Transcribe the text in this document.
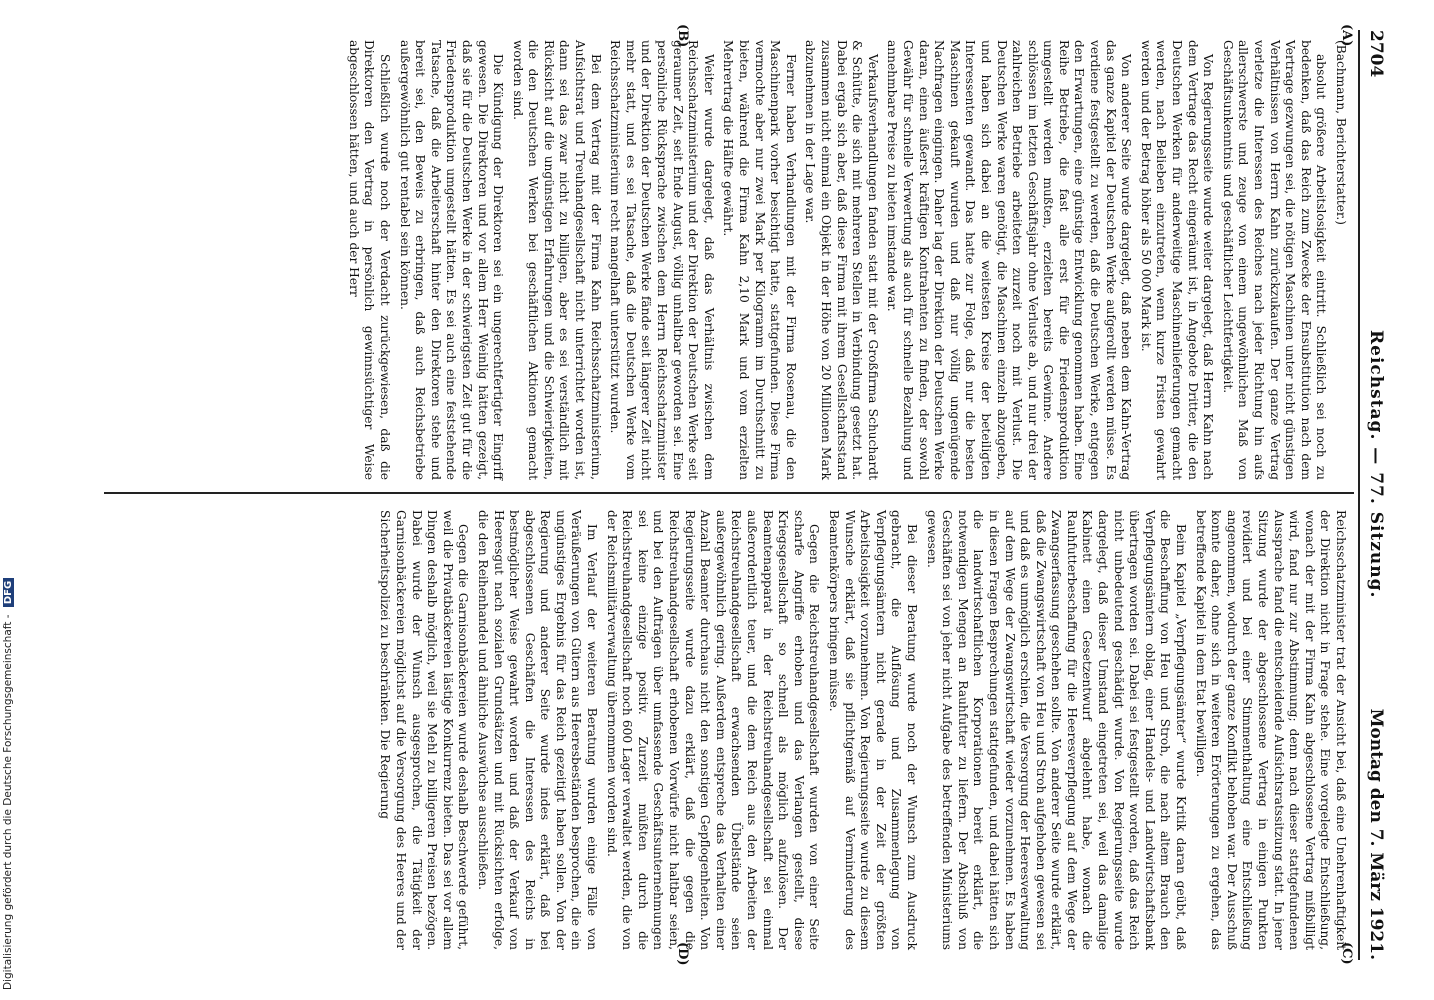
2704
Reichstag. — 77. Sitzung.
Montag den 7. März 1921.
(A)
(B)
(C)
(D)

(Bachmann, Berichterstatter.)

absolut größere Arbeitslosigkeit eintritt. Schließlich sei noch zu bedenken, daß das Reich zum Zwecke der Ensubstitution nach dem Vertrage gezwungen sei, die nötigen Maschinen unter nicht günstigen Verhältnissen von Herrn Kahn zurückzukaufen. Der ganze Vertrag verletze die Interessen des Reiches nach jeder Richtung hin aufs allerschwerste und zeuge von einem ungewöhnlichen Maß von Geschäftsunkenntnis und geschäftlicher Leichtfertigkeit.

Von Regierungsseite wurde weiter dargelegt, daß Herrn Kahn nach dem Vertrage das Recht eingeräumt ist, in Angebote Dritter, die den Deutschen Werken für anderweitige Maschinenlieferungen gemacht werden, nach Belieben einzutreten, wenn kurze Fristen gewahrt werden und der Betrag höher als 50 000 Mark ist.

Von anderer Seite wurde dargelegt, daß neben dem Kahn-Vertrag das ganze Kapitel der Deutschen Werke aufgerollt werden müsse. Es verdiene festgestellt zu werden, daß die Deutschen Werke, entgegen den Erwartungen, eine günstige Entwicklung genommen haben. Eine Reihe Betriebe, die fast alle erst für die Friedensproduktion umgestellt werden mußten, erzielten bereits Gewinne. Andere schlössen im letzten Geschäftsjahr ohne Verluste ab, und nur drei der zahlreichen Betriebe arbeiteten zurzeit noch mit Verlust. Die Deutschen Werke waren genötigt, die Maschinen einzeln abzugeben, und haben sich dabei an die weitesten Kreise der beteiligten Interessenten gewandt. Das hatte zur Folge, daß nur die besten Maschinen gekauft wurden und daß nur völlig ungenügende Nachfragen eingingen. Daher lag der Direktion der Deutschen Werke daran, einen äußerst kräftigen Kontrahenten zu finden, der sowohl Gewähr für schnelle Verwertung als auch für schnelle Bezahlung und annehmbare Preise zu bieten imstande war.

Verkaufsverhandlungen fanden statt mit der Großfirma Schuchardt & Schütte, die sich mit mehreren Stellen in Verbindung gesetzt hat. Dabei ergab sich aber, daß diese Firma mit ihrem Gesellschaftsstand zusammen nicht einmal ein Objekt in der Höhe von 20 Millionen Mark abzunehmen in der Lage war.

Ferner haben Verhandlungen mit der Firma Rosenau, die den Maschinenpark vorher besichtigt hatte, stattgefunden. Diese Firma vermochte aber nur zwei Mark per Kilogramm im Durchschnitt zu bieten, während die Firma Kahn 2,10 Mark und vom erzielten Mehrertrag die Hälfte gewährt.

Weiter wurde dargelegt, daß das Verhältnis zwischen dem Reichsschatzministerium und der Direktion der Deutschen Werke seit geraumer Zeit, seit Ende August, völlig unhaltbar geworden sei. Eine persönliche Rücksprache zwischen dem Herrn Reichsschatzminister und der Direktion der Deutschen Werke fände seit längerer Zeit nicht mehr statt, und es sei Tatsache, daß die Deutschen Werke vom Reichsschatzministerium recht mangelhaft unterstützt wurden.

Bei dem Vertrag mit der Firma Kahn Reichsschatzministerium, Aufsichtsrat und Treuhandgesellschaft nicht unterrichtet worden ist, dann sei das zwar nicht zu billigen, aber es sei verständlich mit Rücksicht auf die ungünstigen Erfahrungen und die Schwierigkeiten, die den Deutschen Werken bei geschäftlichen Aktionen gemacht worden sind.

Die Kündigung der Direktoren sei ein ungerechtfertigter Eingriff gewesen. Die Direktoren und vor allem Herr Weinlig hätten gezeigt, daß sie für die Deutschen Werke in der schwierigsten Zeit gut für die Friedensproduktion umgestellt hätten. Es sei auch eine feststehende Tatsache, daß die Arbeiterschaft hinter den Direktoren stehe und bereit sei, den Beweis zu erbringen, daß auch Reichsbetriebe außergewöhnlich gut rentabel sein können.

Schließlich wurde noch der Verdacht zurückgewiesen, daß die Direktoren den Vertrag in persönlich gewinnsüchtiger Weise abgeschlossen hätten, und auch der Herr

Reichsschatzminister trat der Ansicht bei, daß eine Unehrenhaftigkeit der Direktion nicht in Frage stehe. Eine vorgelegte Entschließung, wonach der mit der Firma Kahn abgeschlossene Vertrag mißbilligt wird, fand nur zur Abstimmung; denn nach dieser stattgefundenen Aussprache fand die entscheidende Aufsichtsratssitzung statt. In jener Sitzung wurde der abgeschlossene Vertrag in einigen Punkten revidiert und bei einer Stimmenthaltung eine Entschließung angenommen, wodurch der ganze Konflikt behoben war. Der Ausschuß konnte daher, ohne sich in weiteren Erörterungen zu ergehen, das betreffende Kapitel in dem Etat bewilligen.

Beim Kapitel „Verpflegungsämter“ wurde Kritik daran geübt, daß die Beschaffung von Heu und Stroh, die nach altem Brauch den Verpflegungsämtern oblag, einer Handels- und Landwirtschaftsbank übertragen worden sei. Dabei sei festgestellt worden, daß das Reich nicht unbedeutend geschädigt wurde. Von Regierungsseite wurde dargelegt, daß dieser Umstand eingetreten sei, weil das damalige Kabinett einen Gesetzentwurf abgelehnt habe, wonach die Rauhfutterbeschaffung für die Heeresverpflegung auf dem Wege der Zwangserfassung geschehen sollte. Von anderer Seite wurde erklärt, daß die Zwangswirtschaft von Heu und Stroh aufgehoben gewesen sei und daß es unmöglich erschien, die Versorgung der Heeresverwaltung auf dem Wege der Zwangswirtschaft wieder vorzunehmen. Es haben in diesen Fragen Besprechungen stattgefunden, und dabei hätten sich die landwirtschaftlichen Korporationen bereit erklärt, die notwendigen Mengen an Rauhfutter zu liefern. Der Abschluß von Geschäften sei von jeher nicht Aufgabe des betreffenden Ministeriums gewesen.

Bei dieser Beratung wurde noch der Wunsch zum Ausdruck gebracht, die Auflösung und Zusammenlegung von Verpflegungsämtern nicht gerade in der Zeit der größten Arbeitslosigkeit vorzunehmen. Von Regierungsseite wurde zu diesem Wunsche erklärt, daß sie pflichtgemäß auf Verminderung des Beamtenkörpers bringen müsse.

Gegen die Reichstreuhandgesellschaft wurden von einer Seite scharfe Angriffe erhoben und das Verlangen gestellt, diese Kriegsgesellschaft so schnell als möglich aufzulösen. Der Beamtenapparat in der Reichstreuhandgesellschaft sei einmal außerordentlich teuer, und die dem Reich aus den Arbeiten der Reichstreuhandgesellschaft erwachsenden Übelstände seien außergewöhnlich gering. Außerdem entspreche das Verhalten einer Anzahl Beamter durchaus nicht den sonstigen Gepflogenheiten. Von Regierungsseite wurde dazu erklärt, daß die gegen die Reichstreuhandgesellschaft erhobenen Vorwürfe nicht haltbar seien, und bei den Aufträgen über umfassende Geschäftsunternehmungen sei keine einzige positiv. Zurzeit müßten durch die Reichstreuhandgesellschaft noch 600 Lager verwaltet werden, die von der Reichsmilitärverwaltung übernommen worden sind.

Im Verlauf der weiteren Beratung wurden einige Fälle von Veräußerungen von Gütern aus Heeresbeständen besprochen, die ein ungünstiges Ergebnis für das Reich gezeitigt haben sollen. Von der Regierung und anderer Seite wurde indes erklärt, daß bei abgeschlossenen Geschäften die Interessen des Reichs in bestmöglicher Weise gewahrt worden und daß der Verkauf von Heeresgut nach sozialen Grundsätzen und mit Rücksichten erfolge, die den Reihenhandel und ähnliche Auswüchse ausschließen.

Gegen die Garnisonbäckereien wurde deshalb Beschwerde geführt, weil die Privatbäckereien lästige Konkurrenz bieten. Das sei vor allem Dingen deshalb möglich, weil sie Mehl zu billigeren Preisen bezögen. Dabei wurde der Wunsch ausgesprochen, die Tätigkeit der Garnisonbäckereien möglichst auf die Versorgung des Heeres und der Sicherheitspolizei zu beschränken. Die Regierung

Digitalisierung gefördert durch die Deutsche Forschungsgemeinschaft - DFG
